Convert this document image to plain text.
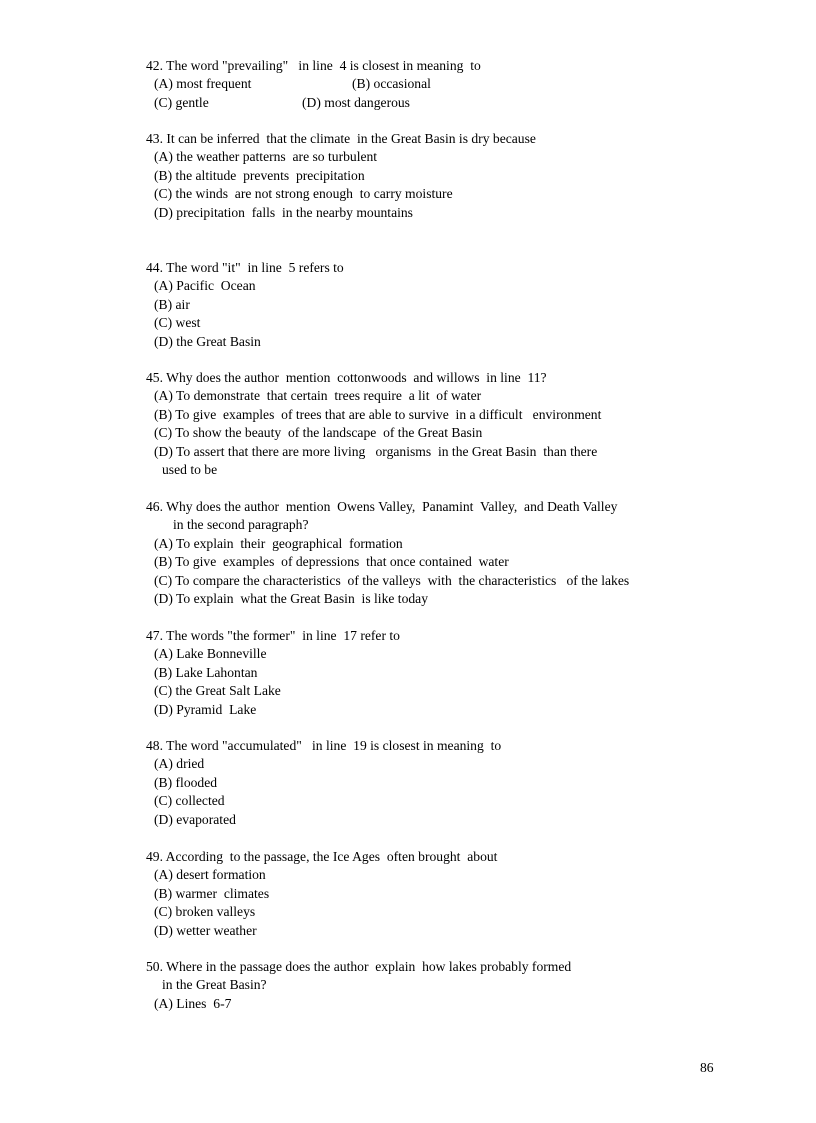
42. The word "prevailing"   in line  4 is closest in meaning  to
(A) most frequent	(B) occasional
(C) gentle	(D) most dangerous
43. It can be inferred  that the climate  in the Great Basin is dry because
(A) the weather patterns  are so turbulent
(B) the altitude  prevents  precipitation
(C) the winds  are not strong enough  to carry moisture
(D) precipitation  falls  in the nearby mountains
44. The word "it"  in line  5 refers to
(A) Pacific  Ocean
(B) air
(C) west
(D) the Great Basin
45. Why does the author  mention  cottonwoods  and willows  in line  11?
(A) To demonstrate  that certain  trees require  a lit  of water
(B) To give  examples  of trees that are able to survive  in a difficult   environment
(C) To show the beauty  of the landscape  of the Great Basin
(D) To assert that there are more living   organisms  in the Great Basin  than there
used to be
46. Why does the author  mention  Owens Valley,  Panamint  Valley,  and Death Valley
in the second paragraph?
(A) To explain  their  geographical  formation
(B) To give  examples  of depressions  that once contained  water
(C) To compare the characteristics  of the valleys  with  the characteristics   of the lakes
(D) To explain  what the Great Basin  is like today
47. The words "the former"  in line  17 refer to
(A) Lake Bonneville
(B) Lake Lahontan
(C) the Great Salt Lake
(D) Pyramid  Lake
48. The word "accumulated"   in line  19 is closest in meaning  to
(A) dried
(B) flooded
(C) collected
(D) evaporated
49. According  to the passage, the Ice Ages  often brought  about
(A) desert formation
(B) warmer  climates
(C) broken valleys
(D) wetter weather
50. Where in the passage does the author  explain  how lakes probably formed
in the Great Basin?
(A) Lines  6-7
86
